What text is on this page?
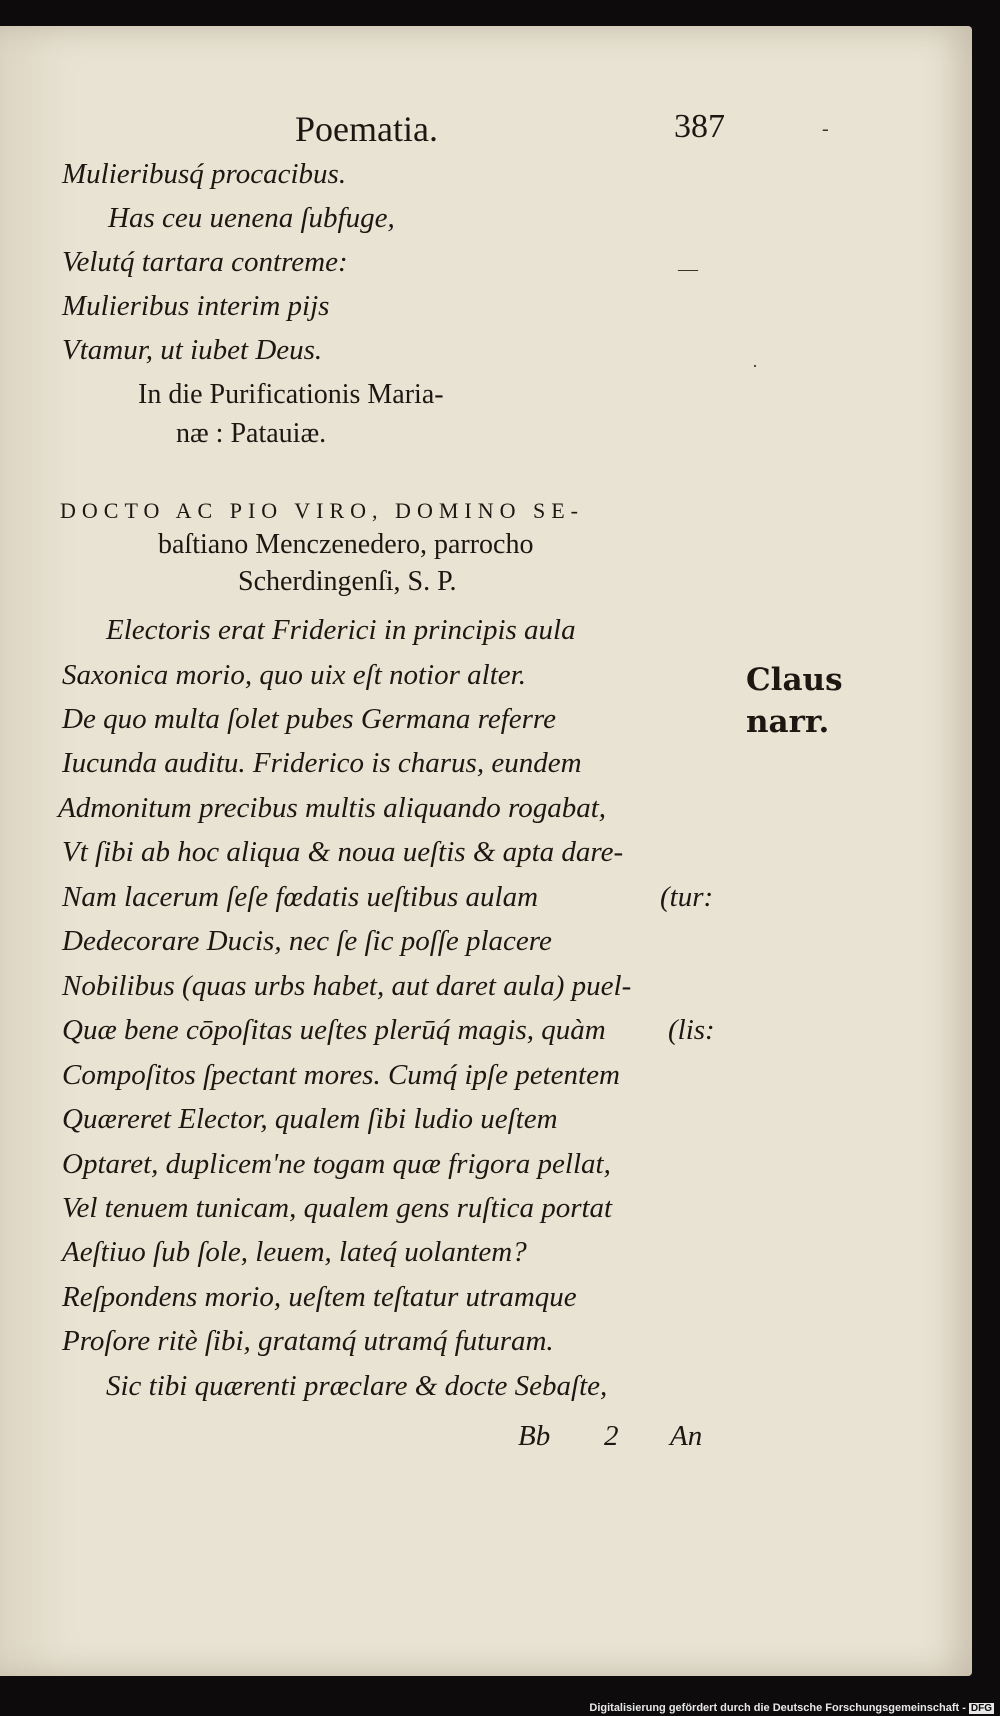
Poematia.	387	-
—
·
Mulieribusq́ procacibus.
Has ceu uenena ſubfuge,
Velutq́ tartara contreme:
Mulieribus interim pijs
Vtamur, ut iubet Deus.
In die Purificationis Maria-
næ : Patauiæ.
DOCTO AC PIO VIRO, DOMINO SE-
baſtiano Menczenedero, parrocho
Scherdingenſi, S. P.
Electoris erat Friderici in principis aula
Saxonica morio, quo uix eſt notior alter.
De quo multa ſolet pubes Germana referre
Iucunda auditu. Friderico is charus, eundem
Admonitum precibus multis aliquando rogabat,
Vt ſibi ab hoc aliqua & noua ueſtis & apta dare-
Nam lacerum ſeſe fœdatis ueſtibus aulam
Dedecorare Ducis, nec ſe ſic poſſe placere
Nobilibus (quas urbs habet, aut daret aula) puel-
Quæ bene cōpoſitas ueſtes plerūq́ magis, quàm
Compoſitos ſpectant mores. Cumq́ ipſe petentem
Quæreret Elector, qualem ſibi ludio ueſtem
Optaret, duplicem'ne togam quæ frigora pellat,
Vel tenuem tunicam, qualem gens ruſtica portat
Aeſtiuo ſub ſole, leuem, lateq́ uolantem?
Reſpondens morio, ueſtem teſtatur utramque
Proſore ritè ſibi, gratamq́ utramq́ futuram.
Sic tibi quærenti præclare & docte Sebaſte,
(tur:
(lis:
Claus
narr.
Bb 2 An
Digitalisierung gefördert durch die Deutsche Forschungsgemeinschaft - DFG
